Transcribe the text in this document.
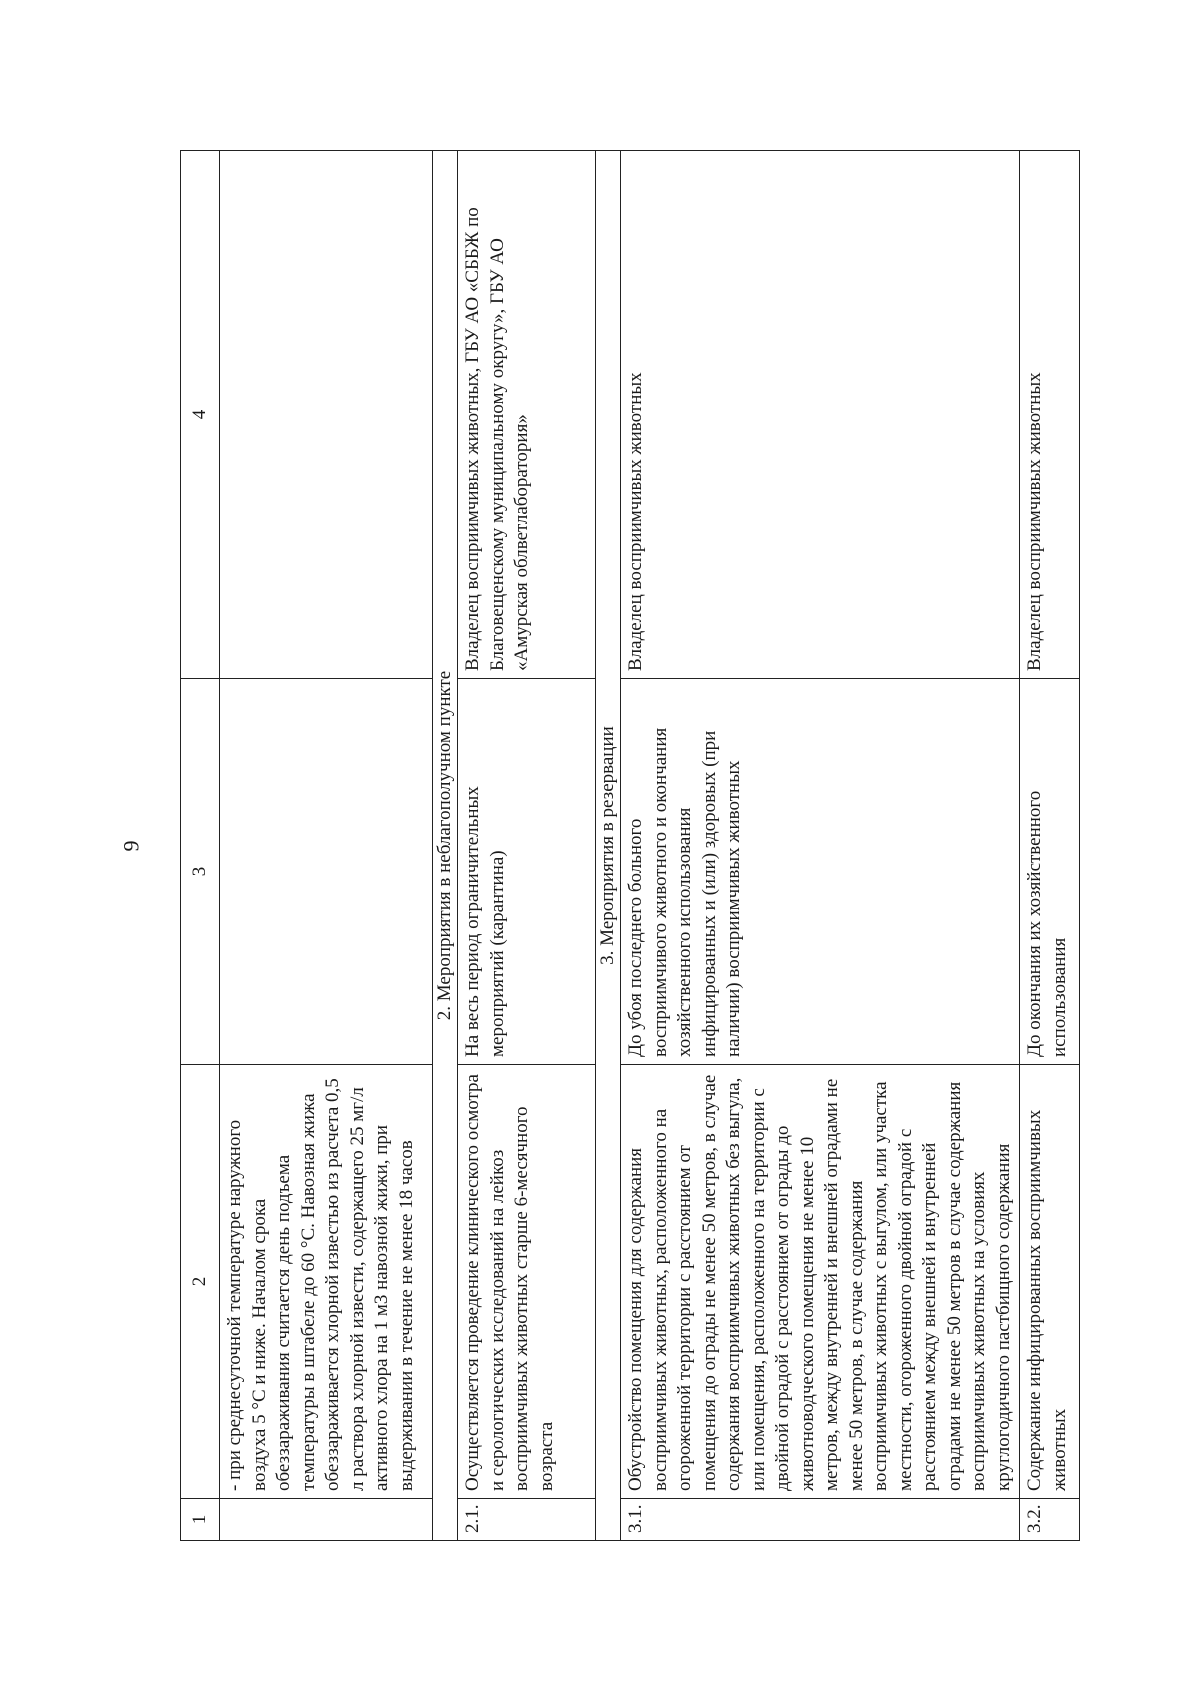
9
1	2	3	4
	- при среднесуточной температуре наружного воздуха 5 °С и ниже. Началом срока обеззараживания считается день подъема температуры в штабеле до 60 °С. Навозная жижа обеззараживается хлорной известью из расчета 0,5 л раствора хлорной извести, содержащего 25 мг/л активного хлора на 1 м3 навозной жижи, при выдерживании в течение не менее 18 часов		
2. Мероприятия в неблагополучном пункте			
2.1.	Осуществляется проведение клинического осмотра и серологических исследований на лейкоз восприимчивых животных старше 6-месячного возраста	На весь период ограничительных мероприятий (карантина)	Владелец восприимчивых животных, ГБУ АО «СББЖ по Благовещенскому муниципальному округу», ГБУ АО «Амурская облветлаборатория»
3. Мероприятия в резервации			
3.1.	Обустройство помещения для содержания восприимчивых животных, расположенного на огороженной территории с расстоянием от помещения до ограды не менее 50 метров, в случае содержания восприимчивых животных без выгула, или помещения, расположенного на территории с двойной оградой с расстоянием от ограды до животноводческого помещения не менее 10 метров, между внутренней и внешней оградами не менее 50 метров, в случае содержания восприимчивых животных с выгулом, или участка местности, огороженного двойной оградой с расстоянием между внешней и внутренней оградами не менее 50 метров в случае содержания восприимчивых животных на условиях круглогодичного пастбищного содержания	До убоя последнего больного восприимчивого животного и окончания хозяйственного использования инфицированных и (или) здоровых (при наличии) восприимчивых животных	Владелец восприимчивых животных
3.2.	Содержание инфицированных восприимчивых животных	До окончания их хозяйственного использования	Владелец восприимчивых животных
